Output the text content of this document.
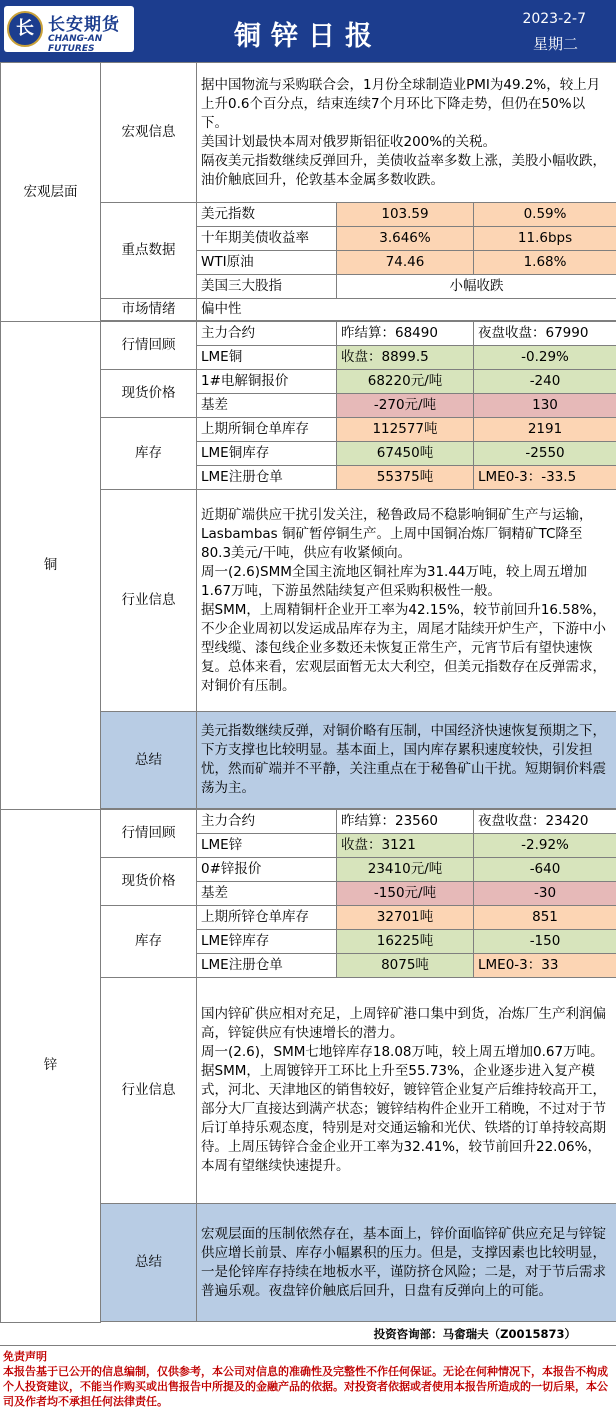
长 长安期货
CHANG-AN FUTURES	铜锌日报
2023-2-7
星期二
宏观层面	宏观信息	据中国物流与采购联合会，1月份全球制造业PMI为49.2%，较上月上升0.6个百分点，结束连续7个月环比下降走势，但仍在50%以下。
美国计划最快本周对俄罗斯铝征收200%的关税。
隔夜美元指数继续反弹回升，美债收益率多数上涨，美股小幅收跌，油价触底回升，伦敦基本金属多数收跌。		
	重点数据	美元指数	103.59	0.59%
		十年期美债收益率	3.646%	11.6bps
		WTI原油	74.46	1.68%
		美国三大股指	小幅收跌	
	市场情绪	偏中性		

铜	行情回顾	主力合约	昨结算：68490	夜盘收盘：67990
		LME铜	收盘：8899.5	-0.29%
	现货价格	1#电解铜报价	68220元/吨	-240
		基差	-270元/吨	130
	库存	上期所铜仓单库存	112577吨	2191
		LME铜库存	67450吨	-2550
		LME注册仓单	55375吨	LME0-3：-33.5
	行业信息	近期矿端供应干扰引发关注，秘鲁政局不稳影响铜矿生产与运输，Lasbambas 铜矿暂停铜生产。上周中国铜冶炼厂铜精矿TC降至80.3美元/干吨，供应有收紧倾向。
周一(2.6)SMM全国主流地区铜社库为31.44万吨，较上周五增加1.67万吨，下游虽然陆续复产但采购积极性一般。
据SMM，上周精铜杆企业开工率为42.15%，较节前回升16.58%，不少企业周初以发运成品库存为主，周尾才陆续开炉生产，下游中小型线缆、漆包线企业多数还未恢复正常生产，元宵节后有望快速恢复。总体来看，宏观层面暂无太大利空，但美元指数存在反弹需求，对铜价有压制。		
	总结	美元指数继续反弹，对铜价略有压制，中国经济快速恢复预期之下，下方支撑也比较明显。基本面上，国内库存累积速度较快，引发担忧，然而矿端并不平静，关注重点在于秘鲁矿山干扰。短期铜价料震荡为主。		

锌	行情回顾	主力合约	昨结算：23560	夜盘收盘：23420
		LME锌	收盘：3121	-2.92%
	现货价格	0#锌报价	23410元/吨	-640
		基差	-150元/吨	-30
	库存	上期所锌仓单库存	32701吨	851
		LME锌库存	16225吨	-150
		LME注册仓单	8075吨	LME0-3：33
	行业信息	国内锌矿供应相对充足，上周锌矿港口集中到货，冶炼厂生产利润偏高，锌锭供应有快速增长的潜力。
周一(2.6)，SMM七地锌库存18.08万吨，较上周五增加0.67万吨。
据SMM，上周镀锌开工环比上升至55.73%，企业逐步进入复产模式，河北、天津地区的销售较好，镀锌管企业复产后维持较高开工，部分大厂直接达到满产状态；镀锌结构件企业开工稍晚，不过对于节后订单持乐观态度，特别是对交通运输和光伏、铁塔的订单持较高期待。上周压铸锌合金企业开工率为32.41%，较节前回升22.06%，本周有望继续快速提升。		
	总结	宏观层面的压制依然存在，基本面上，锌价面临锌矿供应充足与锌锭供应增长前景、库存小幅累积的压力。但是，支撑因素也比较明显，一是伦锌库存持续在地板水平，谨防挤仓风险；二是，对于节后需求普遍乐观。夜盘锌价触底后回升，日盘有反弹向上的可能。		

投资咨询部：马畲瑞夫（Z0015873）
免责声明
本报告基于已公开的信息编制，仅供参考，本公司对信息的准确性及完整性不作任何保证。无论在何种情况下，本报告不构成个人投资建议，不能当作购买或出售报告中所提及的金融产品的依据。对投资者依据或者使用本报告所造成的一切后果，本公司及作者均不承担任何法律责任。
